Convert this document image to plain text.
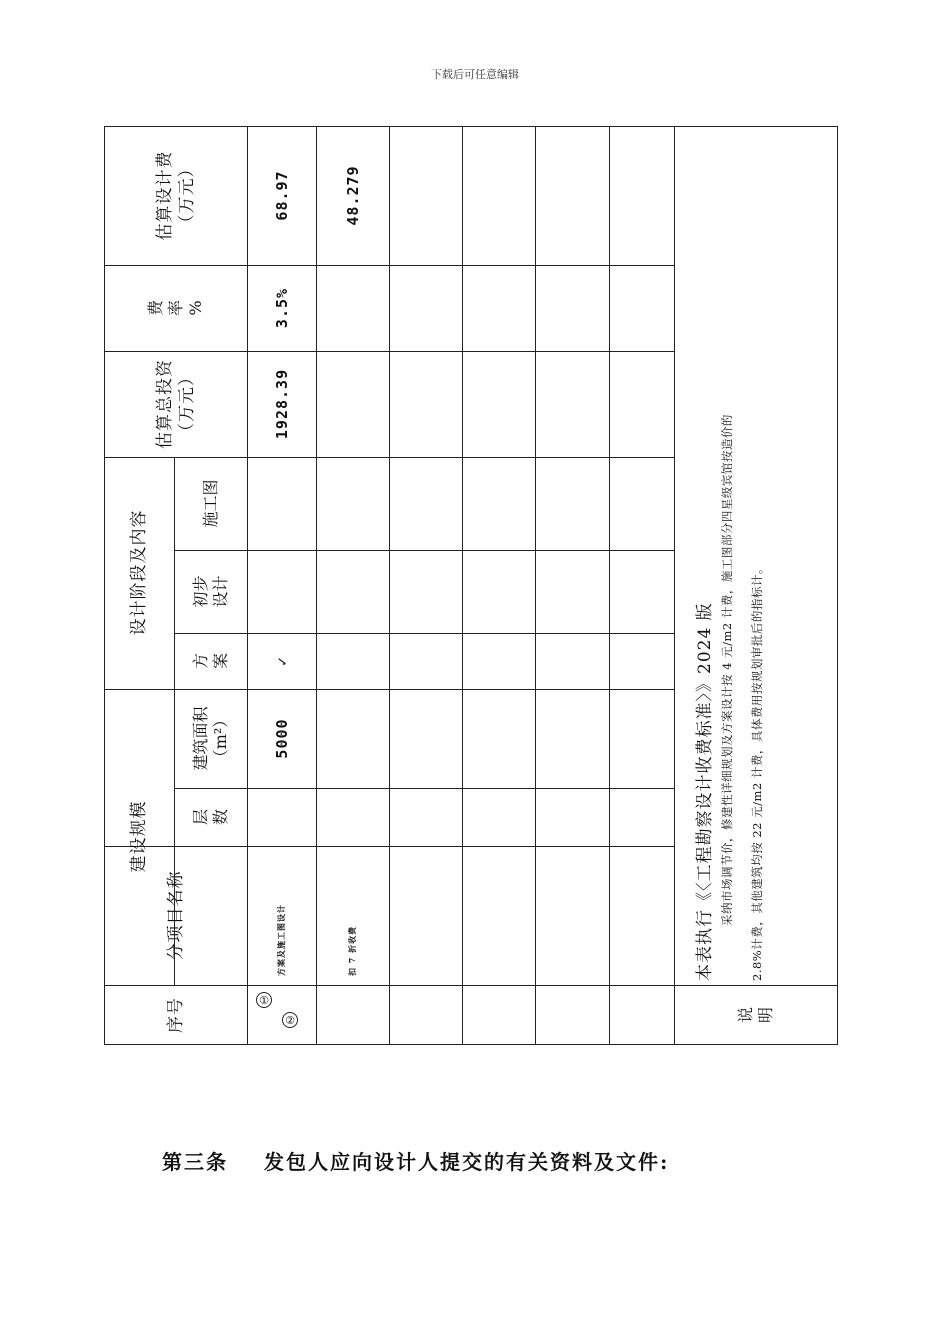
下载后可任意编辑
序号
分项目名称
建设规模	层
数
建筑面积
（m²）
设计阶段及内容
方
案
初步
设计
施工图
估算总投资
（万元）
费
率
%
估算设计费
（万元）
①
②
方案及施工图设计
5000
✓
1928.39
3.5%
68.97
扣 7 折收费
48.279
说
明
本表执行《〈工程勘察设计收费标准〉》2024 版 采纳市场调节价，修建性详细规划及方案设计按 4 元/m2 计费，施工图部分四星级宾馆按造价的 2.8%计费，其他建筑均按 22 元/m2 计费，具体费用按规划审批后的指标计。
第三条 发包人应向设计人提交的有关资料及文件:
